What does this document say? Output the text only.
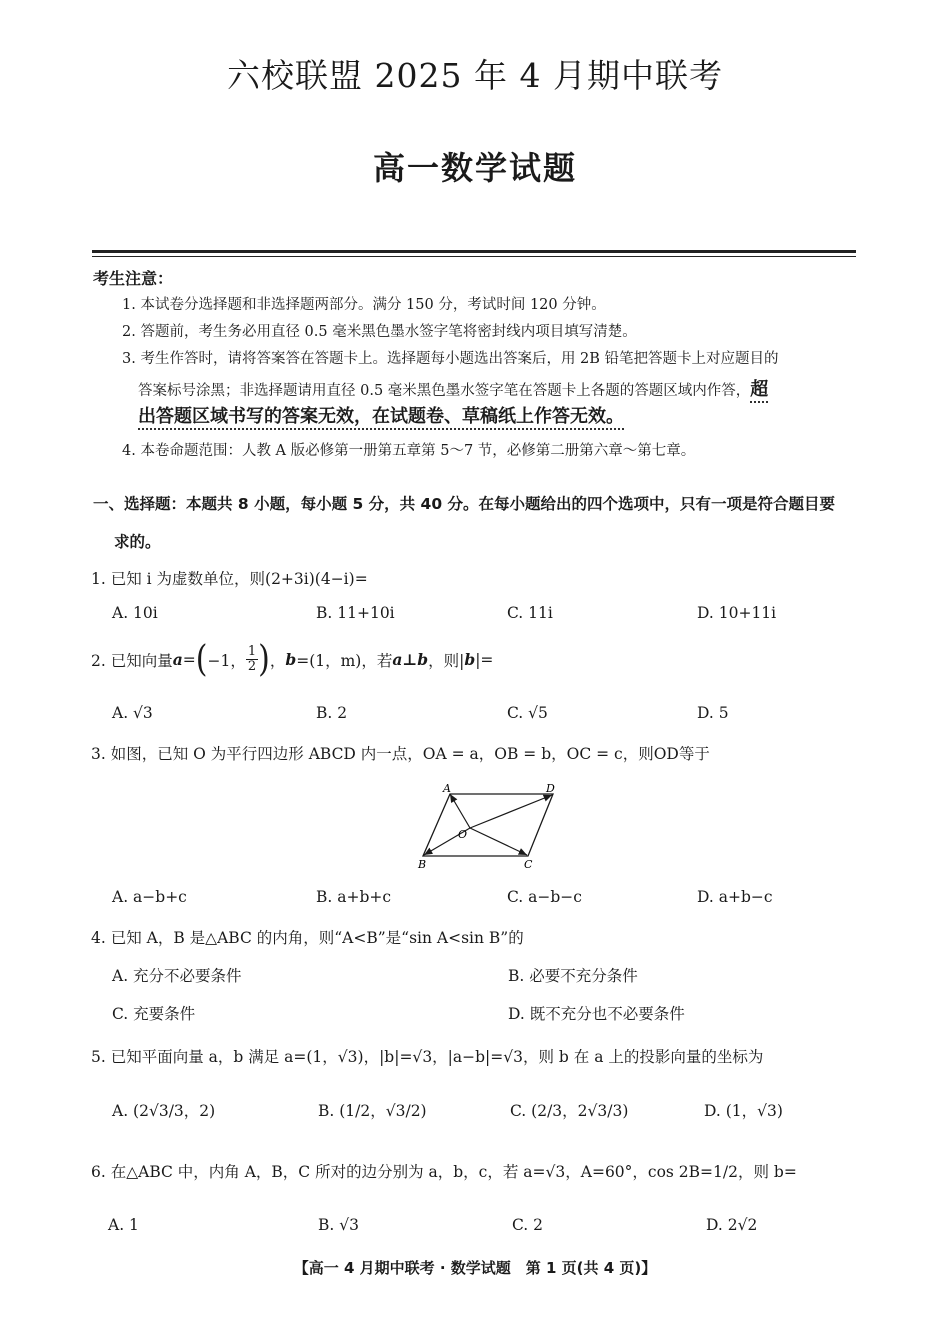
六校联盟 2025 年 4 月期中联考
高一数学试题
考生注意：
1. 本试卷分选择题和非选择题两部分。满分 150 分，考试时间 120 分钟。
2. 答题前，考生务必用直径 0.5 毫米黑色墨水签字笔将密封线内项目填写清楚。
3. 考生作答时，请将答案答在答题卡上。选择题每小题选出答案后，用 2B 铅笔把答题卡上对应题目的
答案标号涂黑；非选择题请用直径 0.5 毫米黑色墨水签字笔在答题卡上各题的答题区域内作答，超
出答题区域书写的答案无效，在试题卷、草稿纸上作答无效。
4. 本卷命题范围：人教 A 版必修第一册第五章第 5～7 节，必修第二册第六章～第七章。
一、选择题：本题共 8 小题，每小题 5 分，共 40 分。在每小题给出的四个选项中，只有一项是符合题目要
求的。
1. 已知 i 为虚数单位，则(2+3i)(4−i)=
A. 10i	B. 11+10i	C. 11i	D. 10+11i
2. 已知向量 a = ( −1， $\frac{1}{2}$ ) ， b =(1，m)，若 a⊥b ，则| b |=
A. √3	B. 2	C. √5	D. 5
3. 如图，已知 O 为平行四边形 ABCD 内一点，OA = a，OB = b，OC = c，则OD等于
A	D
B	C
O
A. a−b+c	B. a+b+c	C. a−b−c	D. a+b−c
4. 已知 A，B 是△ABC 的内角，则“A<B”是“sin A<sin B”的
A. 充分不必要条件	B. 必要不充分条件
C. 充要条件	D. 既不充分也不必要条件
5. 已知平面向量 a，b 满足 a=(1，√3)，|b|=√3，|a−b|=√3，则 b 在 a 上的投影向量的坐标为
A. (2√3/3，2)	B. (1/2，√3/2)	C. (2/3，2√3/3)	D. (1，√3)
6. 在△ABC 中，内角 A，B，C 所对的边分别为 a，b，c，若 a=√3，A=60°，cos 2B=1/2，则 b=
A. 1	B. √3	C. 2	D. 2√2
【高一 4 月期中联考 · 数学试题　第 1 页(共 4 页)】
